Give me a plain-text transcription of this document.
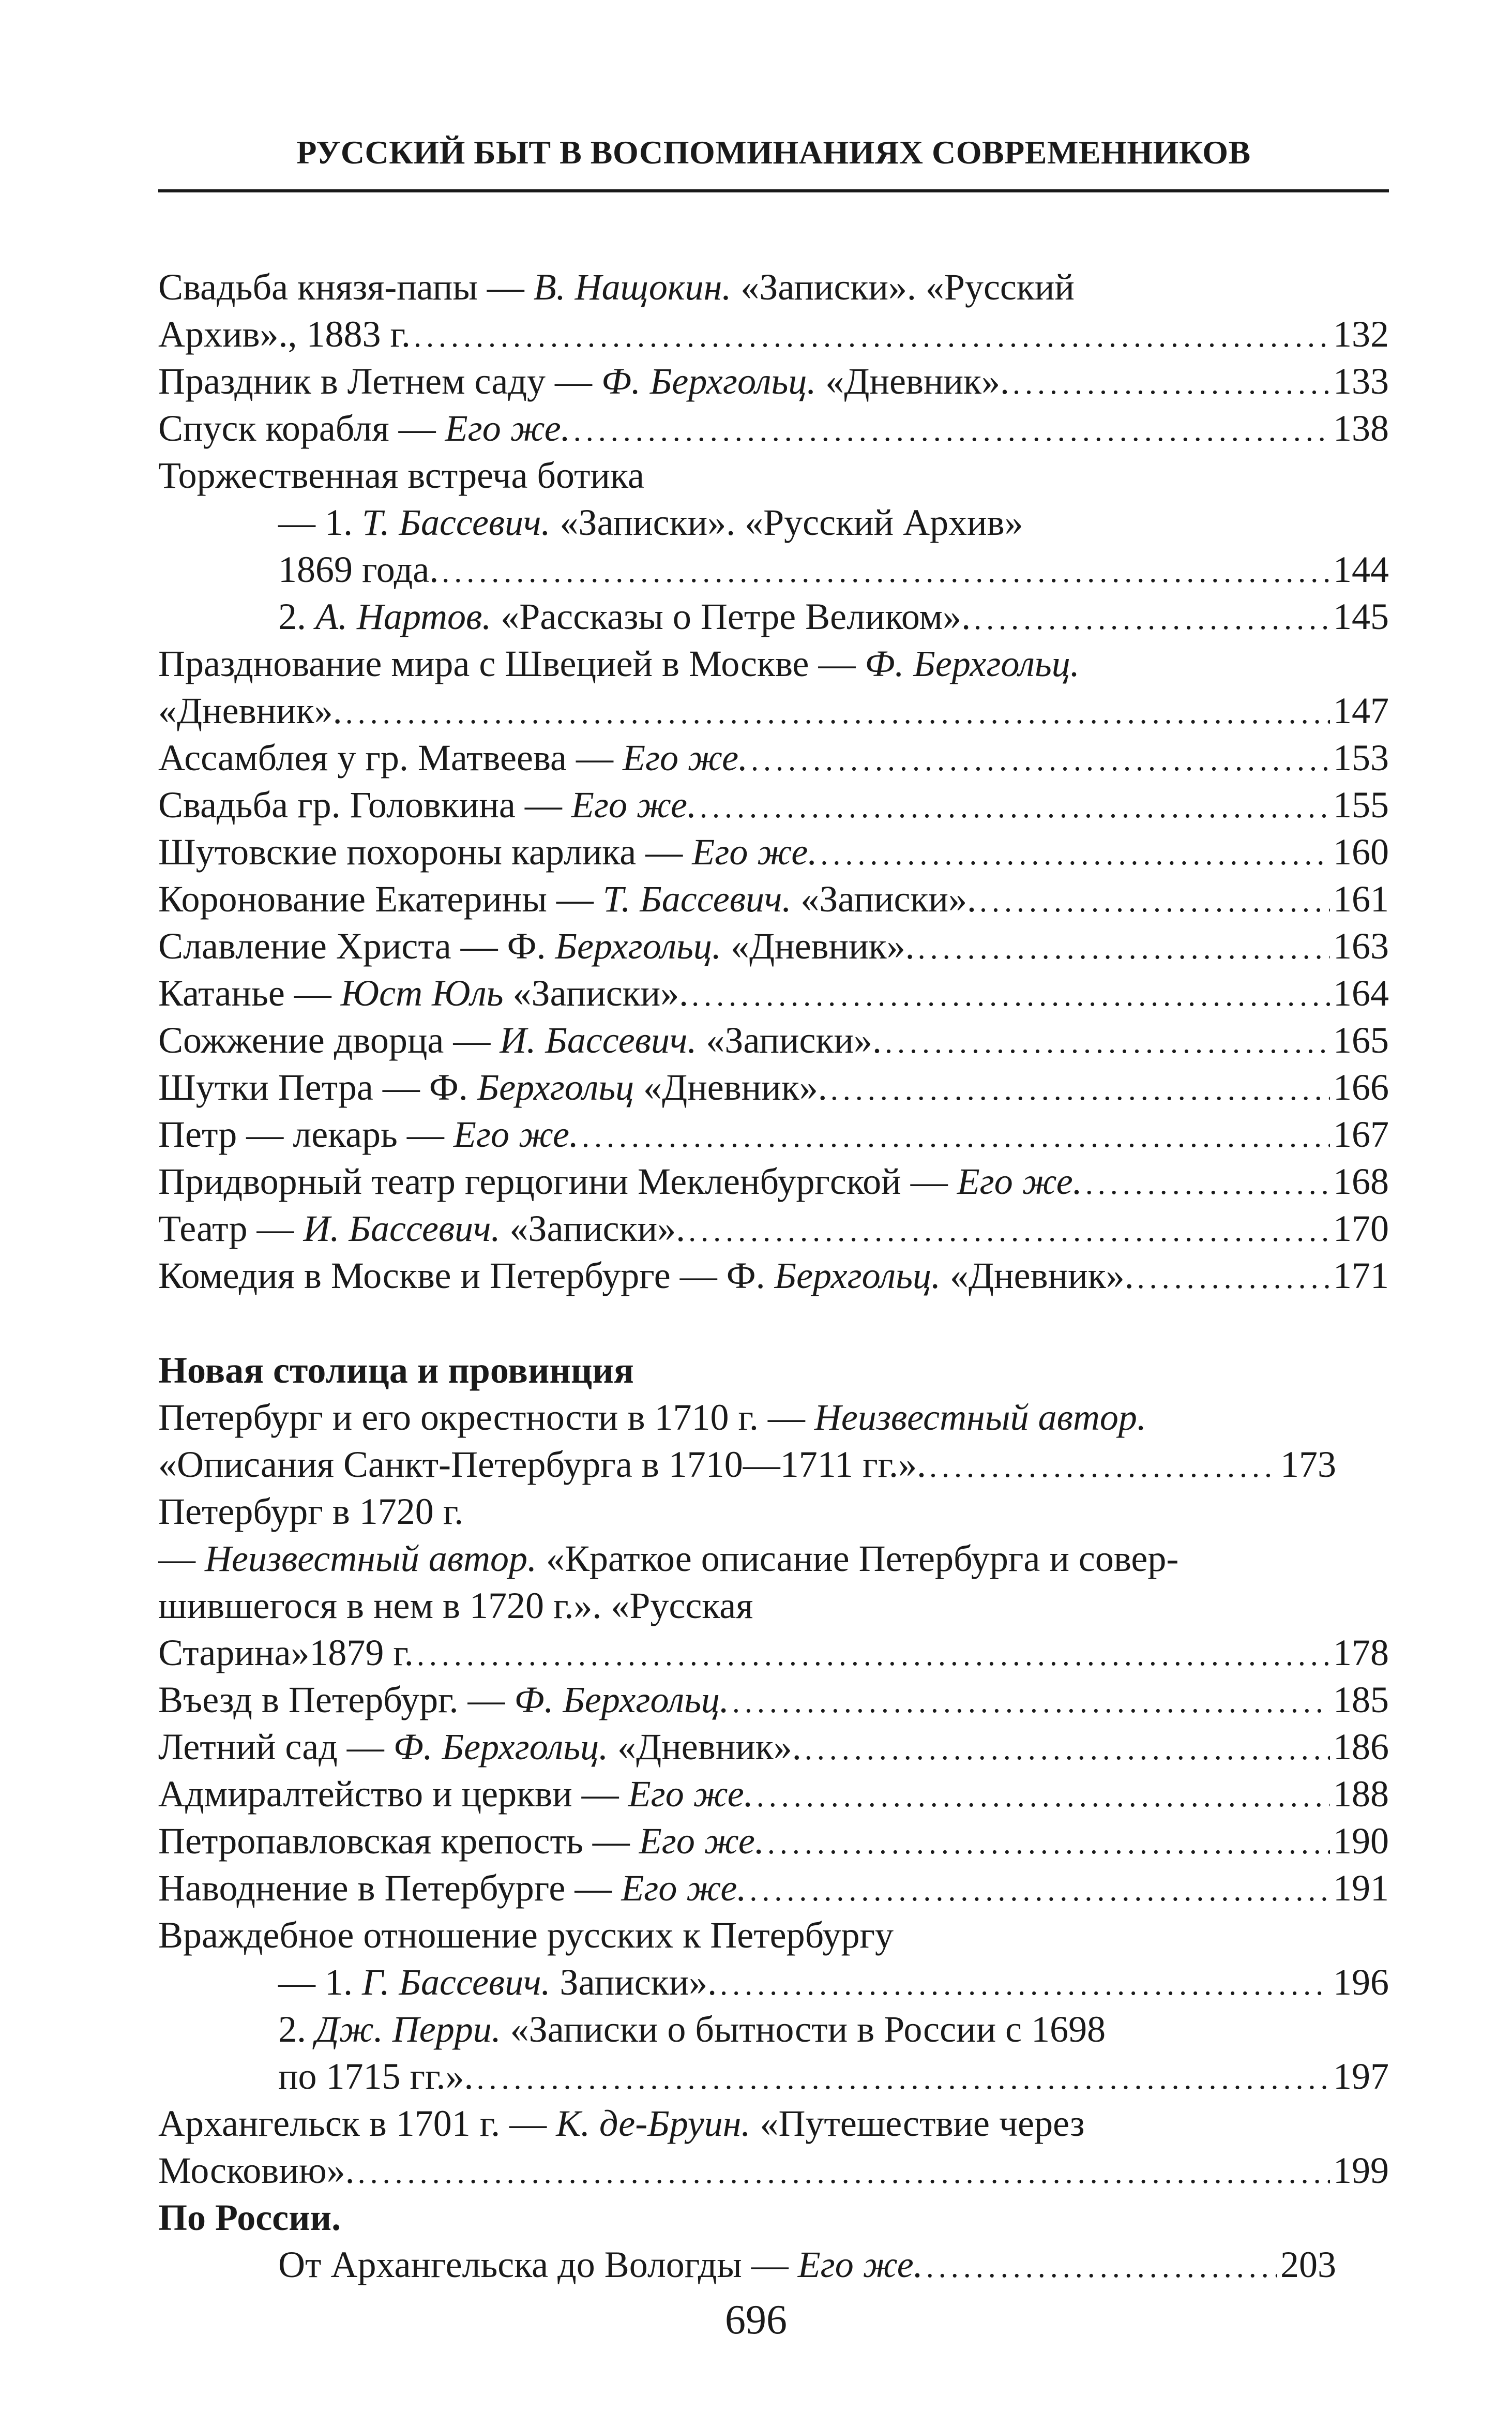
РУССКИЙ БЫТ В ВОСПОМИНАНИЯХ СОВРЕМЕННИКОВ
Свадьба князя-папы — В. Нащокин. «Записки». «Русский
Архив»., 1883 г. . . .	132
Праздник в Летнем саду — Ф. Берхгольц. «Дневник». . . .	133
Спуск корабля — Его же. . . .	138
Торжественная встреча ботика
— 1. Т. Бассевич. «Записки». «Русский Архив»
1869 года. . . .	144
2. А. Нартов. «Рассказы о Петре Великом». . . .	145
Празднование мира с Швецией в Москве — Ф. Берхгольц.
«Дневник». . . .	147
Ассамблея у гр. Матвеева — Его же. . . .	153
Свадьба гр. Головкина — Его же. . . .	155
Шутовские похороны карлика — Его же. . . .	160
Коронование Екатерины — Т. Бассевич. «Записки». . . .	161
Славление Христа — Ф. Берхгольц. «Дневник». . . .	163
Катанье — Юст Юль «Записки». . . .	164
Сожжение дворца — И. Бассевич. «Записки». . . .	165
Шутки Петра — Ф. Берхгольц «Дневник». . . .	166
Петр — лекарь — Его же. . . .	167
Придворный театр герцогини Мекленбургской — Его же. . . .	168
Театр — И. Бассевич. «Записки». . . .	170
Комедия в Москве и Петербурге — Ф. Берхгольц. «Дневник». . . .	171
Новая столица и провинция
Петербург и его окрестности в 1710 г. — Неизвестный автор.
«Описания Санкт-Петербурга в 1710—1711 гг.». . . .	173
Петербург в 1720 г.
— Неизвестный автор. «Краткое описание Петербурга и совер-
шившегося в нем в 1720 г.». «Русская
Старина»1879 г. . . .	178
Въезд в Петербург. — Ф. Берхгольц. . . .	185
Летний сад — Ф. Берхгольц. «Дневник». . . .	186
Адмиралтейство и церкви — Его же. . . .	188
Петропавловская крепость — Его же. . . .	190
Наводнение в Петербурге — Его же. . . .	191
Враждебное отношение русских к Петербургу
— 1. Г. Бассевич. Записки». . . .	196
2. Дж. Перри. «Записки о бытности в России с 1698
по 1715 гг.». . . .	197
Архангельск в 1701 г. — К. де-Бруин. «Путешествие через
Московию». . . .	199
По России.
От Архангельска до Вологды — Его же. . . .	203
696
